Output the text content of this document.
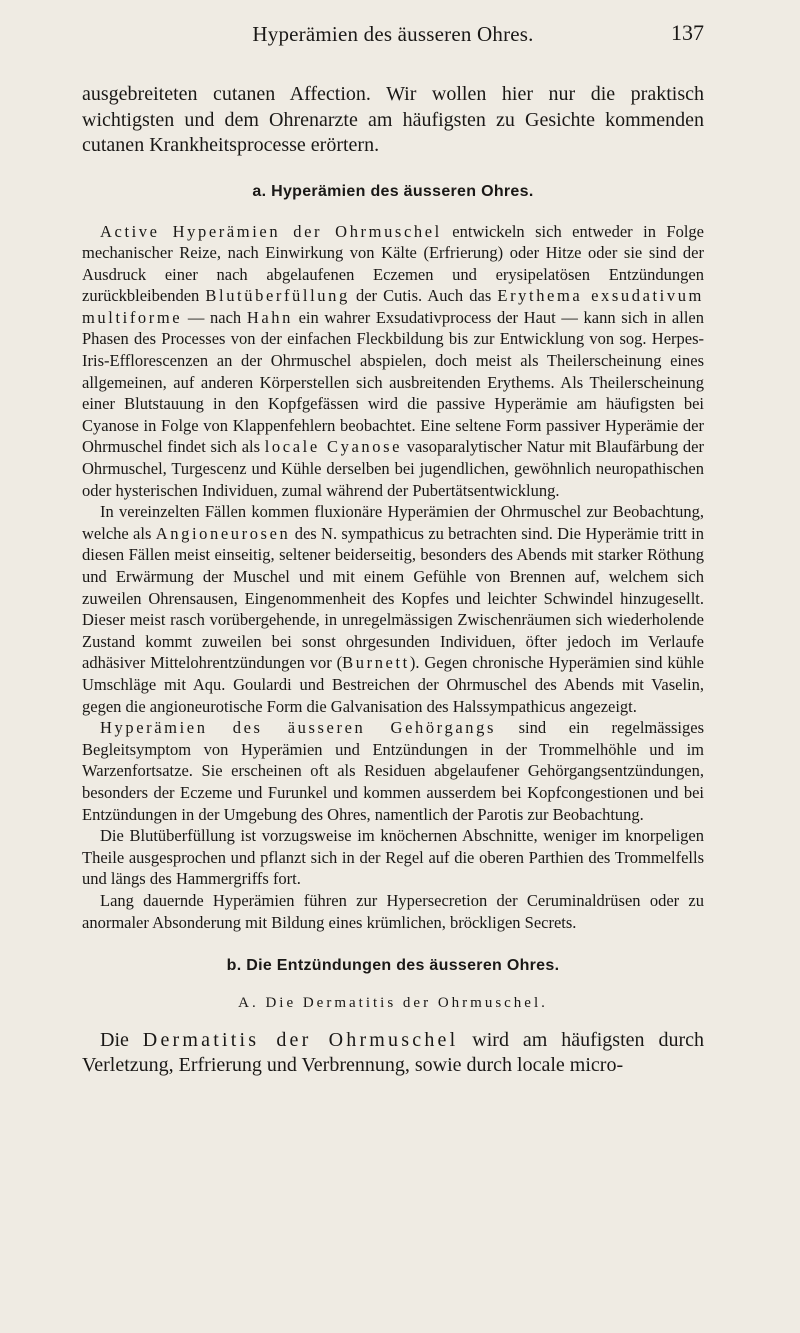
Hyperämien des äusseren Ohres.	137

ausgebreiteten cutanen Affection. Wir wollen hier nur die praktisch wichtigsten und dem Ohrenarzte am häufigsten zu Gesichte kommenden cutanen Krankheitsprocesse erörtern.

a. Hyperämien des äusseren Ohres.

Active Hyperämien der Ohrmuschel entwickeln sich entweder in Folge mechanischer Reize, nach Einwirkung von Kälte (Erfrierung) oder Hitze oder sie sind der Ausdruck einer nach abgelaufenen Eczemen und erysipelatösen Entzündungen zurückbleibenden Blutüberfüllung der Cutis. Auch das Erythema exsudativum multiforme — nach Hahn ein wahrer Exsudativprocess der Haut — kann sich in allen Phasen des Processes von der einfachen Fleckbildung bis zur Entwicklung von sog. Herpes-Iris-Efflorescenzen an der Ohrmuschel abspielen, doch meist als Theilerscheinung eines allgemeinen, auf anderen Körperstellen sich ausbreitenden Erythems. Als Theilerscheinung einer Blutstauung in den Kopfgefässen wird die passive Hyperämie am häufigsten bei Cyanose in Folge von Klappenfehlern beobachtet. Eine seltene Form passiver Hyperämie der Ohrmuschel findet sich als locale Cyanose vasoparalytischer Natur mit Blaufärbung der Ohrmuschel, Turgescenz und Kühle derselben bei jugendlichen, gewöhnlich neuropathischen oder hysterischen Individuen, zumal während der Pubertätsentwicklung.

In vereinzelten Fällen kommen fluxionäre Hyperämien der Ohrmuschel zur Beobachtung, welche als Angioneurosen des N. sympathicus zu betrachten sind. Die Hyperämie tritt in diesen Fällen meist einseitig, seltener beiderseitig, besonders des Abends mit starker Röthung und Erwärmung der Muschel und mit einem Gefühle von Brennen auf, welchem sich zuweilen Ohrensausen, Eingenommenheit des Kopfes und leichter Schwindel hinzugesellt. Dieser meist rasch vorübergehende, in unregelmässigen Zwischenräumen sich wiederholende Zustand kommt zuweilen bei sonst ohrgesunden Individuen, öfter jedoch im Verlaufe adhäsiver Mittelohrentzündungen vor (Burnett). Gegen chronische Hyperämien sind kühle Umschläge mit Aqu. Goulardi und Bestreichen der Ohrmuschel des Abends mit Vaselin, gegen die angioneurotische Form die Galvanisation des Halssympathicus angezeigt.

Hyperämien des äusseren Gehörgangs sind ein regelmässiges Begleitsymptom von Hyperämien und Entzündungen in der Trommelhöhle und im Warzenfortsatze. Sie erscheinen oft als Residuen abgelaufener Gehörgangsentzündungen, besonders der Eczeme und Furunkel und kommen ausserdem bei Kopfcongestionen und bei Entzündungen in der Umgebung des Ohres, namentlich der Parotis zur Beobachtung.

Die Blutüberfüllung ist vorzugsweise im knöchernen Abschnitte, weniger im knorpeligen Theile ausgesprochen und pflanzt sich in der Regel auf die oberen Parthien des Trommelfells und längs des Hammergriffs fort.

Lang dauernde Hyperämien führen zur Hypersecretion der Ceruminaldrüsen oder zu anormaler Absonderung mit Bildung eines krümlichen, bröckligen Secrets.

b. Die Entzündungen des äusseren Ohres.
A. Die Dermatitis der Ohrmuschel.

Die Dermatitis der Ohrmuschel wird am häufigsten durch Verletzung, Erfrierung und Verbrennung, sowie durch locale micro-
